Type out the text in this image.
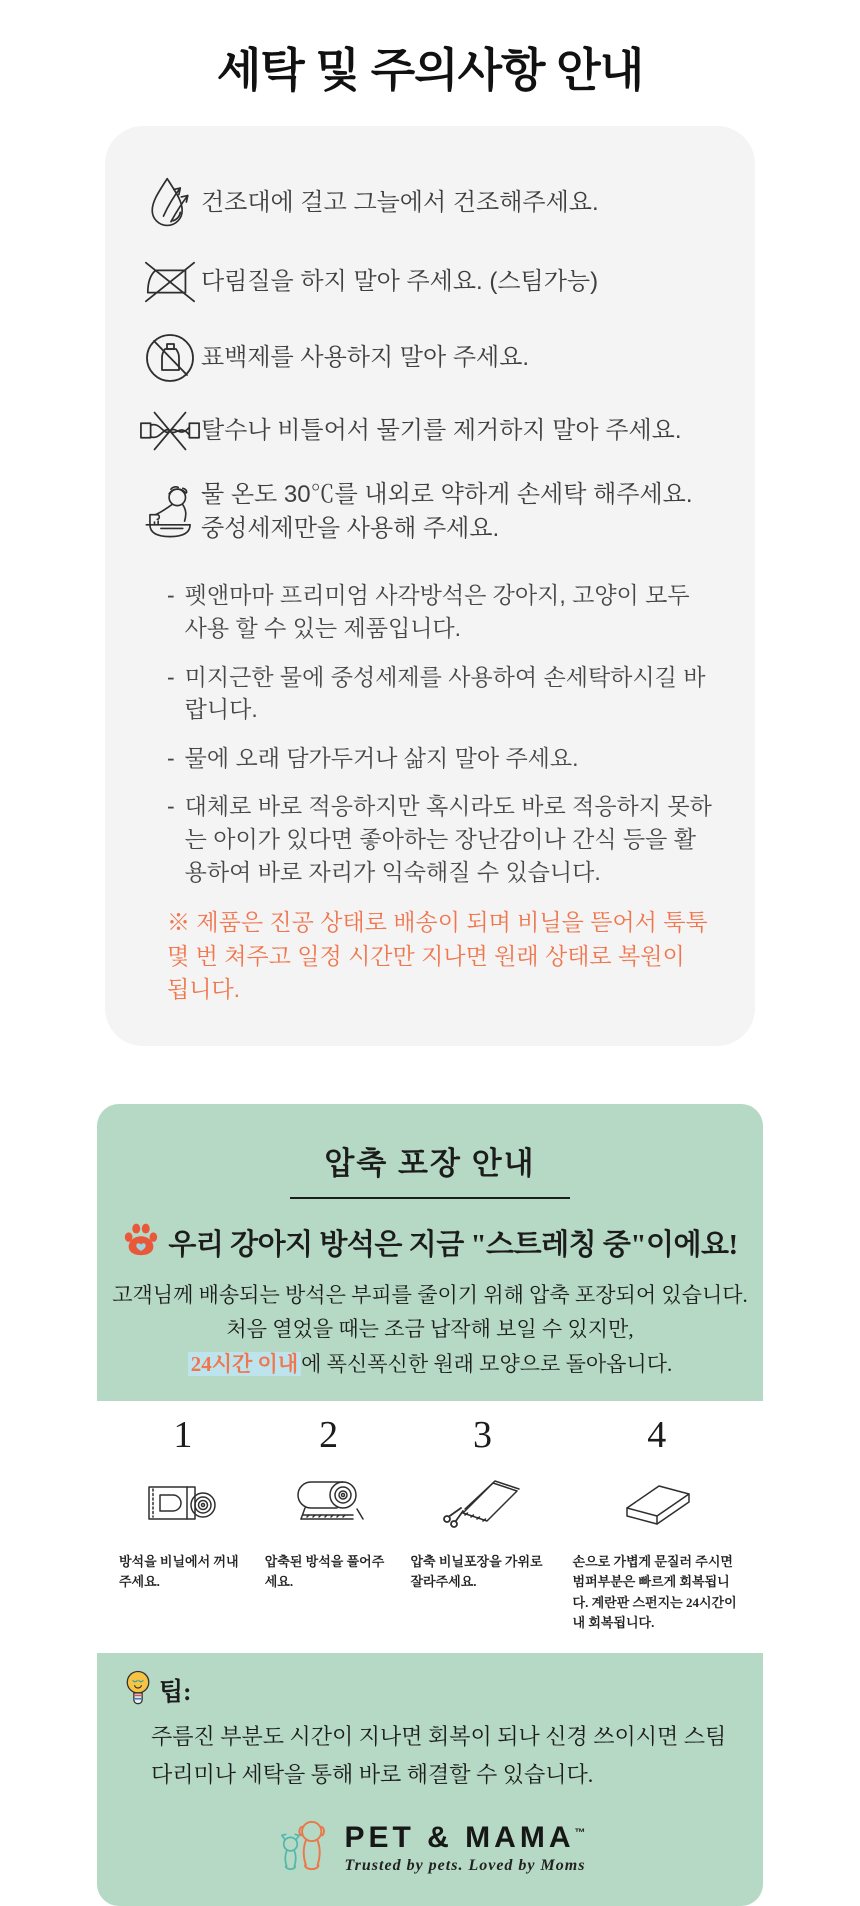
세탁 및 주의사항 안내
건조대에 걸고 그늘에서 건조해주세요.
다림질을 하지 말아 주세요. (스팀가능)
표백제를 사용하지 말아 주세요.
탈수나 비틀어서 물기를 제거하지 말아 주세요.
물 온도 30℃를 내외로 약하게 손세탁 해주세요.
중성세제만을 사용해 주세요.
- 펫앤마마 프리미엄 사각방석은 강아지, 고양이 모두 사용 할 수 있는 제품입니다.
- 미지근한 물에 중성세제를 사용하여 손세탁하시길 바랍니다.
- 물에 오래 담가두거나 삶지 말아 주세요.
- 대체로 바로 적응하지만 혹시라도 바로 적응하지 못하는 아이가 있다면 좋아하는 장난감이나 간식 등을 활용하여 바로 자리가 익숙해질 수 있습니다.

※ 제품은 진공 상태로 배송이 되며 비닐을 뜯어서 툭툭 몇 번 쳐주고 일정 시간만 지나면 원래 상태로 복원이 됩니다.

압축 포장 안내
우리 강아지 방석은 지금 "스트레칭 중"이에요!
고객님께 배송되는 방석은 부피를 줄이기 위해 압축 포장되어 있습니다.
처음 열었을 때는 조금 납작해 보일 수 있지만,
24시간 이내 에 폭신폭신한 원래 모양으로 돌아옵니다.
1
방석을 비닐에서 꺼내주세요.
2
압축된 방석을 풀어주세요.
3
압축 비닐포장을 가위로 잘라주세요.
4
손으로 가볍게 문질러 주시면 범퍼부분은 빠르게 회복됩니다. 계란판 스펀지는 24시간이내 회복됩니다.
팁:
주름진 부분도 시간이 지나면 회복이 되나 신경 쓰이시면 스팀다리미나 세탁을 통해 바로 해결할 수 있습니다.
PET & MAMA™
Trusted by pets. Loved by Moms
